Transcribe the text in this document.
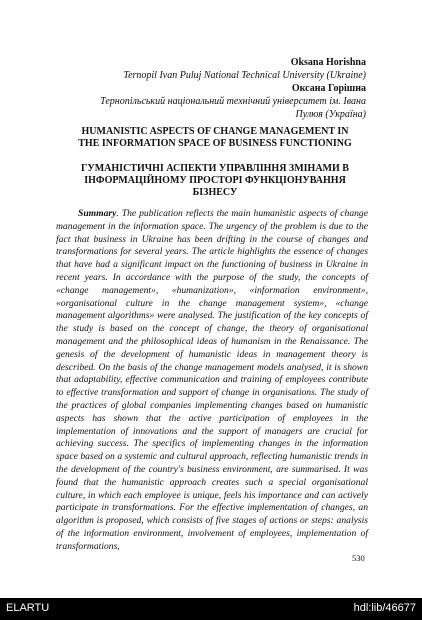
Oksana Horishna
Ternopil Ivan Puluj National Technical University (Ukraine)
Оксана Горішна
Тернопільський національний технічний університет ім. Івана
Пулюя (Україна)
HUMANISTIC ASPECTS OF CHANGE MANAGEMENT IN
THE INFORMATION SPACE OF BUSINESS FUNCTIONING
ГУМАНІСТИЧНІ АСПЕКТИ УПРАВЛІННЯ ЗМІНАМИ В
ІНФОРМАЦІЙНОМУ ПРОСТОРІ ФУНКЦІОНУВАННЯ
БІЗНЕСУ
Summary. The publication reflects the main humanistic aspects of change management in the information space. The urgency of the problem is due to the fact that business in Ukraine has been drifting in the course of changes and transformations for several years. The article highlights the essence of changes that have had a significant impact on the functioning of business in Ukraine in recent years. In accordance with the purpose of the study, the concepts of «change management», «humanization», «information environment», «organisational culture in the change management system», «change management algorithms» were analysed. The justification of the key concepts of the study is based on the concept of change, the theory of organisational management and the philosophical ideas of humanism in the Renaissance. The genesis of the development of humanistic ideas in management theory is described. On the basis of the change management models analysed, it is shown that adaptability, effective communication and training of employees contribute to effective transformation and support of change in organisations. The study of the practices of global companies implementing changes based on humanistic aspects has shown that the active participation of employees in the implementation of innovations and the support of managers are crucial for achieving success. The specifics of implementing changes in the information space based on a systemic and cultural approach, reflecting humanistic trends in the development of the country's business environment, are summarised. It was found that the humanistic approach creates such a special organisational culture, in which each employee is unique, feels his importance and can actively participate in transformations. For the effective implementation of changes, an algorithm is proposed, which consists of five stages of actions or steps: analysis of the information environment, involvement of employees, implementation of transformations,
530
ELARTU	hdl:lib/46677
